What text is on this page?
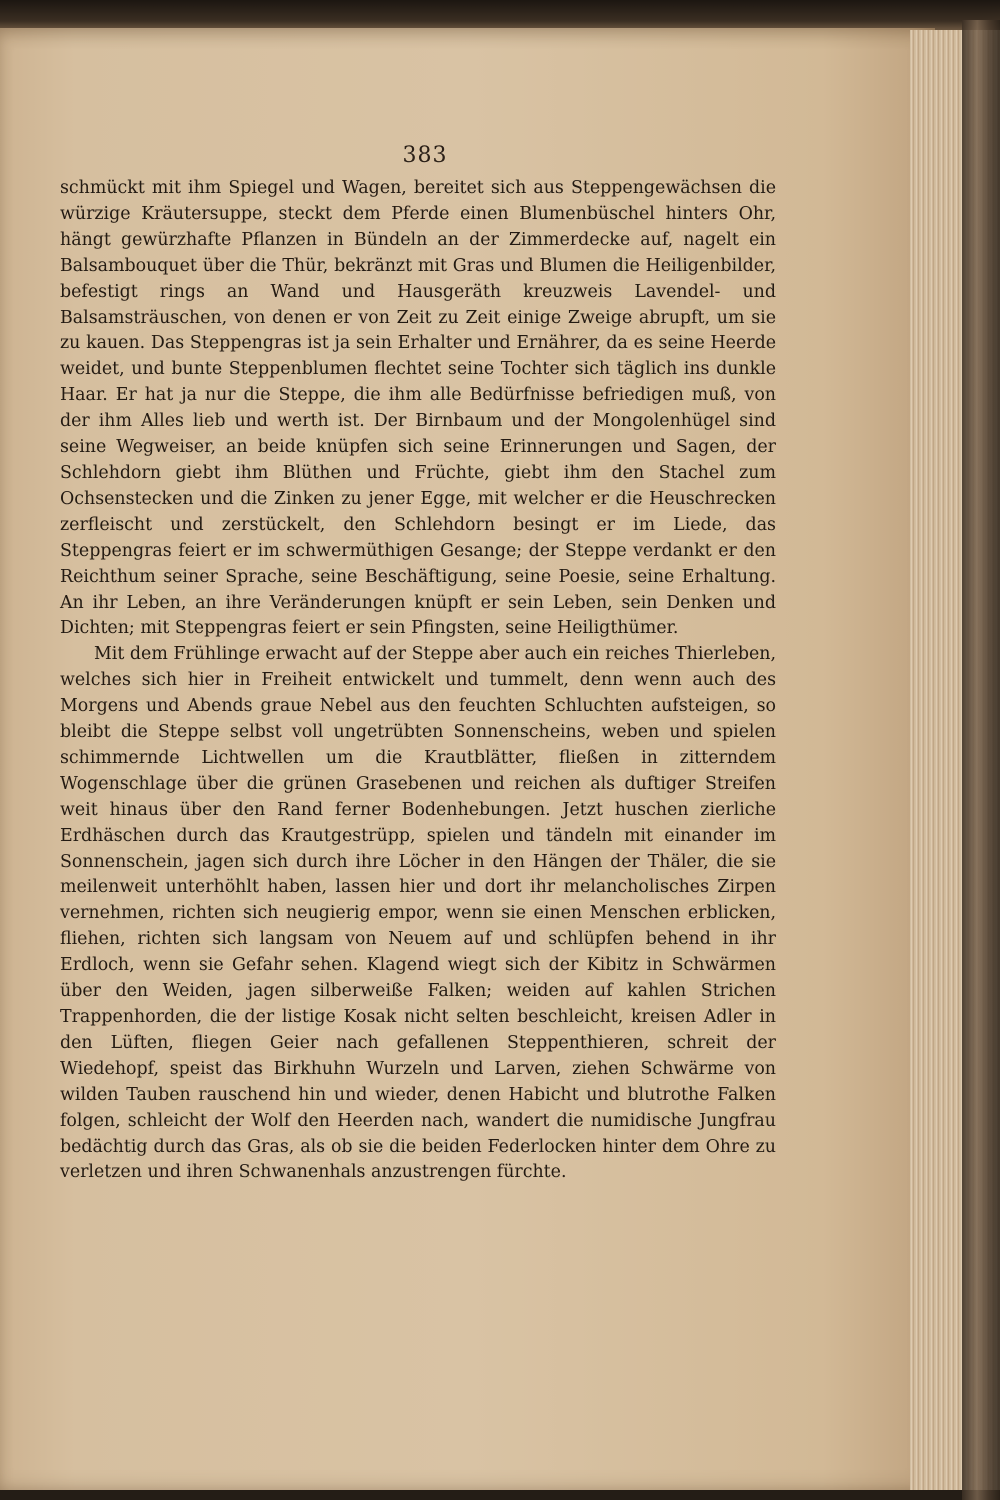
383

schmückt mit ihm Spiegel und Wagen, bereitet sich aus Steppengewächsen die würzige Kräutersuppe, steckt dem Pferde einen Blumenbüschel hinters Ohr, hängt gewürzhafte Pflanzen in Bündeln an der Zimmerdecke auf, nagelt ein Balsambouquet über die Thür, bekränzt mit Gras und Blumen die Heiligenbilder, befestigt rings an Wand und Hausgeräth kreuzweis Lavendel- und Balsamsträuschen, von denen er von Zeit zu Zeit einige Zweige abrupft, um sie zu kauen. Das Steppengras ist ja sein Erhalter und Ernährer, da es seine Heerde weidet, und bunte Steppenblumen flechtet seine Tochter sich täglich ins dunkle Haar. Er hat ja nur die Steppe, die ihm alle Bedürfnisse befriedigen muß, von der ihm Alles lieb und werth ist. Der Birnbaum und der Mongolenhügel sind seine Wegweiser, an beide knüpfen sich seine Erinnerungen und Sagen, der Schlehdorn giebt ihm Blüthen und Früchte, giebt ihm den Stachel zum Ochsenstecken und die Zinken zu jener Egge, mit welcher er die Heuschrecken zerfleischt und zerstückelt, den Schlehdorn besingt er im Liede, das Steppengras feiert er im schwermüthigen Gesange; der Steppe verdankt er den Reichthum seiner Sprache, seine Beschäftigung, seine Poesie, seine Erhaltung. An ihr Leben, an ihre Veränderungen knüpft er sein Leben, sein Denken und Dichten; mit Steppengras feiert er sein Pfingsten, seine Heiligthümer.

Mit dem Frühlinge erwacht auf der Steppe aber auch ein reiches Thierleben, welches sich hier in Freiheit entwickelt und tummelt, denn wenn auch des Morgens und Abends graue Nebel aus den feuchten Schluchten aufsteigen, so bleibt die Steppe selbst voll ungetrübten Sonnenscheins, weben und spielen schimmernde Lichtwellen um die Krautblätter, fließen in zitterndem Wogenschlage über die grünen Grasebenen und reichen als duftiger Streifen weit hinaus über den Rand ferner Bodenhebungen. Jetzt huschen zierliche Erdhäschen durch das Krautgestrüpp, spielen und tändeln mit einander im Sonnenschein, jagen sich durch ihre Löcher in den Hängen der Thäler, die sie meilenweit unterhöhlt haben, lassen hier und dort ihr melancholisches Zirpen vernehmen, richten sich neugierig empor, wenn sie einen Menschen erblicken, fliehen, richten sich langsam von Neuem auf und schlüpfen behend in ihr Erdloch, wenn sie Gefahr sehen. Klagend wiegt sich der Kibitz in Schwärmen über den Weiden, jagen silberweiße Falken; weiden auf kahlen Strichen Trappenhorden, die der listige Kosak nicht selten beschleicht, kreisen Adler in den Lüften, fliegen Geier nach gefallenen Steppenthieren, schreit der Wiedehopf, speist das Birkhuhn Wurzeln und Larven, ziehen Schwärme von wilden Tauben rauschend hin und wieder, denen Habicht und blutrothe Falken folgen, schleicht der Wolf den Heerden nach, wandert die numidische Jungfrau bedächtig durch das Gras, als ob sie die beiden Federlocken hinter dem Ohre zu verletzen und ihren Schwanenhals anzustrengen fürchte.
